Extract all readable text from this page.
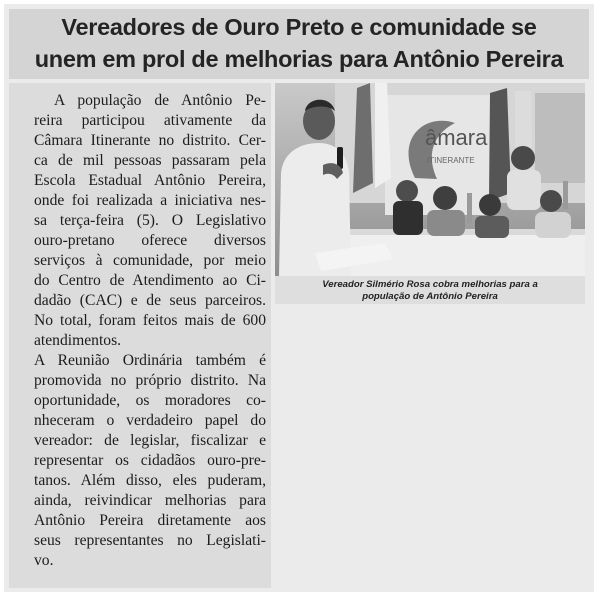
Vereadores de Ouro Preto e comunidade se
unem em prol de melhorias para Antônio Pereira
A população de Antônio Pe-
reira participou ativamente da
Câmara Itinerante no distrito. Cer-
ca de mil pessoas passaram pela
Escola Estadual Antônio Pereira,
onde foi realizada a iniciativa nes-
sa terça-feira (5). O Legislativo
ouro-pretano oferece diversos
serviços à comunidade, por meio
do Centro de Atendimento ao Ci-
dadão (CAC) e de seus parceiros.
No total, foram feitos mais de 600
atendimentos.
A Reunião Ordinária também é
promovida no próprio distrito. Na
oportunidade, os moradores co-
nheceram o verdadeiro papel do
vereador: de legislar, fiscalizar e
representar os cidadãos ouro-pre-
tanos. Além disso, eles puderam,
ainda, reivindicar melhorias para
Antônio Pereira diretamente aos
seus representantes no Legislati-
vo.
âmara
ITINERANTE
Vereador Silmério Rosa cobra melhorias para a
população de Antônio Pereira
